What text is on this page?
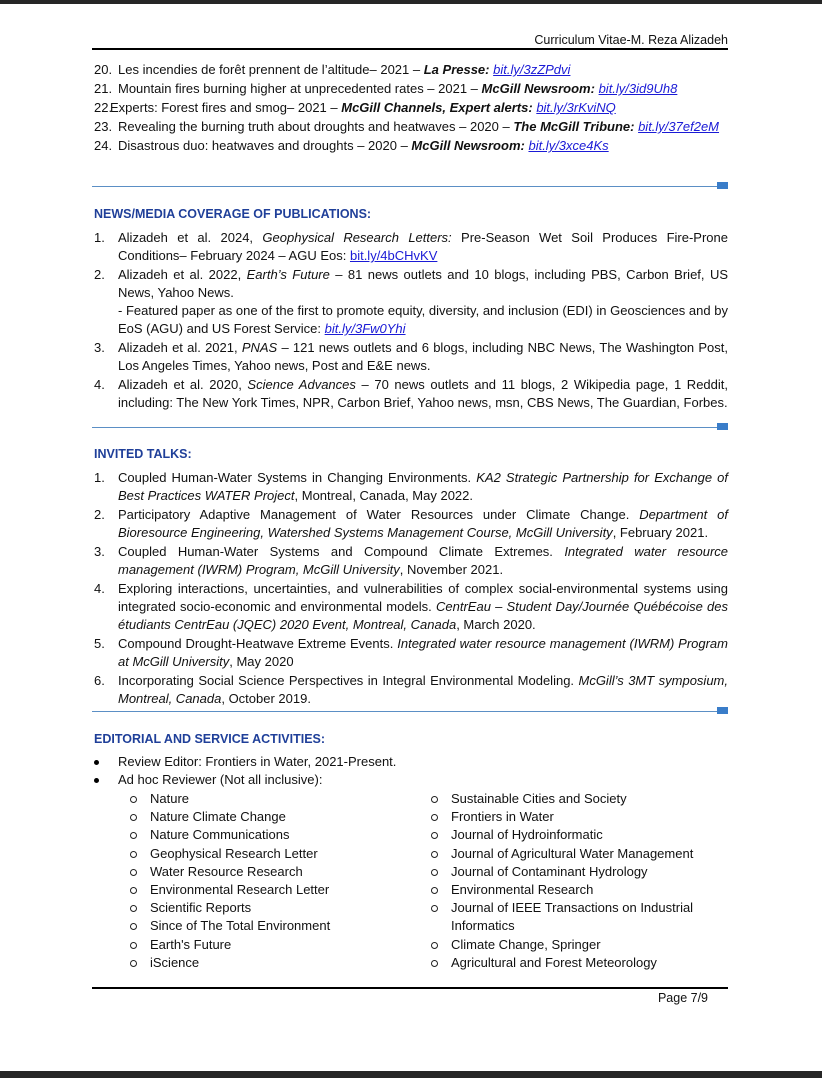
Curriculum Vitae-M. Reza Alizadeh
20. Les incendies de forêt prennent de l’altitude– 2021 – La Presse: bit.ly/3zZPdvi
21. Mountain fires burning higher at unprecedented rates – 2021 – McGill Newsroom: bit.ly/3id9Uh8
22.
Experts: Forest fires and smog– 2021 – McGill Channels, Expert alerts: bit.ly/3rKviNQ
23. Revealing the burning truth about droughts and heatwaves – 2020 – The McGill Tribune: bit.ly/37ef2eM
24. Disastrous duo: heatwaves and droughts – 2020 – McGill Newsroom: bit.ly/3xce4Ks
NEWS/MEDIA COVERAGE OF PUBLICATIONS:
1. Alizadeh et al. 2024, Geophysical Research Letters: Pre-Season Wet Soil Produces Fire-Prone Conditions– February 2024 – AGU Eos: bit.ly/4bCHvKV
2. Alizadeh et al. 2022, Earth’s Future – 81 news outlets and 10 blogs, including PBS, Carbon Brief, US News, Yahoo News.
- Featured paper as one of the first to promote equity, diversity, and inclusion (EDI) in Geosciences and by EoS (AGU) and US Forest Service: bit.ly/3Fw0Yhi
3. Alizadeh et al. 2021, PNAS – 121 news outlets and 6 blogs, including NBC News, The Washington Post, Los Angeles Times, Yahoo news, Post and E&E news.
4. Alizadeh et al. 2020, Science Advances – 70 news outlets and 11 blogs, 2 Wikipedia page, 1 Reddit, including: The New York Times, NPR, Carbon Brief, Yahoo news, msn, CBS News, The Guardian, Forbes.
INVITED TALKS:
1. Coupled Human-Water Systems in Changing Environments. KA2 Strategic Partnership for Exchange of Best Practices WATER Project, Montreal, Canada, May 2022.
2. Participatory Adaptive Management of Water Resources under Climate Change. Department of Bioresource Engineering, Watershed Systems Management Course, McGill University, February 2021.
3. Coupled Human-Water Systems and Compound Climate Extremes. Integrated water resource management (IWRM) Program, McGill University, November 2021.
4. Exploring interactions, uncertainties, and vulnerabilities of complex social-environmental systems using integrated socio-economic and environmental models. CentrEau – Student Day/Journée Québécoise des étudiants CentrEau (JQEC) 2020 Event, Montreal, Canada, March 2020.
5. Compound Drought-Heatwave Extreme Events. Integrated water resource management (IWRM) Program at McGill University, May 2020
6. Incorporating Social Science Perspectives in Integral Environmental Modeling. McGill’s 3MT symposium, Montreal, Canada, October 2019.
EDITORIAL AND SERVICE ACTIVITIES:
Review Editor: Frontiers in Water, 2021-Present.
Ad hoc Reviewer (Not all inclusive):
Nature
Nature Climate Change
Nature Communications
Geophysical Research Letter
Water Resource Research
Environmental Research Letter
Scientific Reports
Since of The Total Environment
Earth's Future
iScience
Sustainable Cities and Society
Frontiers in Water
Journal of Hydroinformatic
Journal of Agricultural Water Management
Journal of Contaminant Hydrology
Environmental Research
Journal of IEEE Transactions on Industrial Informatics
Climate Change, Springer
Agricultural and Forest Meteorology
Page 7/9
